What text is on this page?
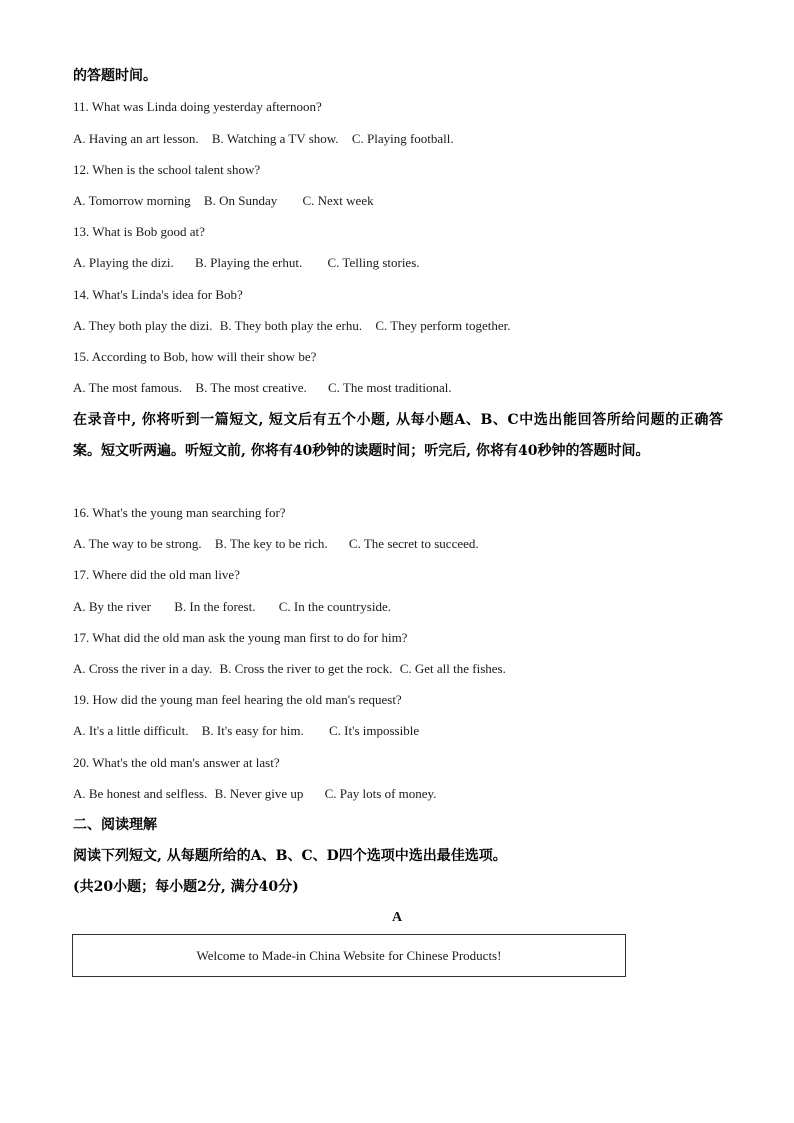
的答题时间。
11. What was Linda doing yesterday afternoon?
A. Having an art lesson. B. Watching a TV show. C. Playing football.
12. When is the school talent show?
A. Tomorrow morning B. On Sunday C. Next week
13. What is Bob good at?
A. Playing the dizi. B. Playing the erhut. C. Telling stories.
14. What's Linda's idea for Bob?
A. They both play the dizi. B. They both play the erhu. C. They perform together.
15. According to Bob, how will their show be?
A. The most famous. B. The most creative. C. The most traditional.
在录音中, 你将听到一篇短文, 短文后有五个小题, 从每小题A、B、C中选出能回答所给问题的正确答案。短文听两遍。听短文前, 你将有40秒钟的读题时间；听完后, 你将有40秒钟的答题时间。
16. What's the young man searching for?
A. The way to be strong. B. The key to be rich. C. The secret to succeed.
17. Where did the old man live?
A. By the river B. In the forest. C. In the countryside.
17. What did the old man ask the young man first to do for him?
A. Cross the river in a day. B. Cross the river to get the rock. C. Get all the fishes.
19. How did the young man feel hearing the old man's request?
A. It's a little difficult. B. It's easy for him. C. It's impossible
20. What's the old man's answer at last?
A. Be honest and selfless. B. Never give up C. Pay lots of money.
二、阅读理解
阅读下列短文, 从每题所给的A、B、C、D四个选项中选出最佳选项。
(共20小题；每小题2分, 满分40分)
A
Welcome to Made-in China Website for Chinese Products!
